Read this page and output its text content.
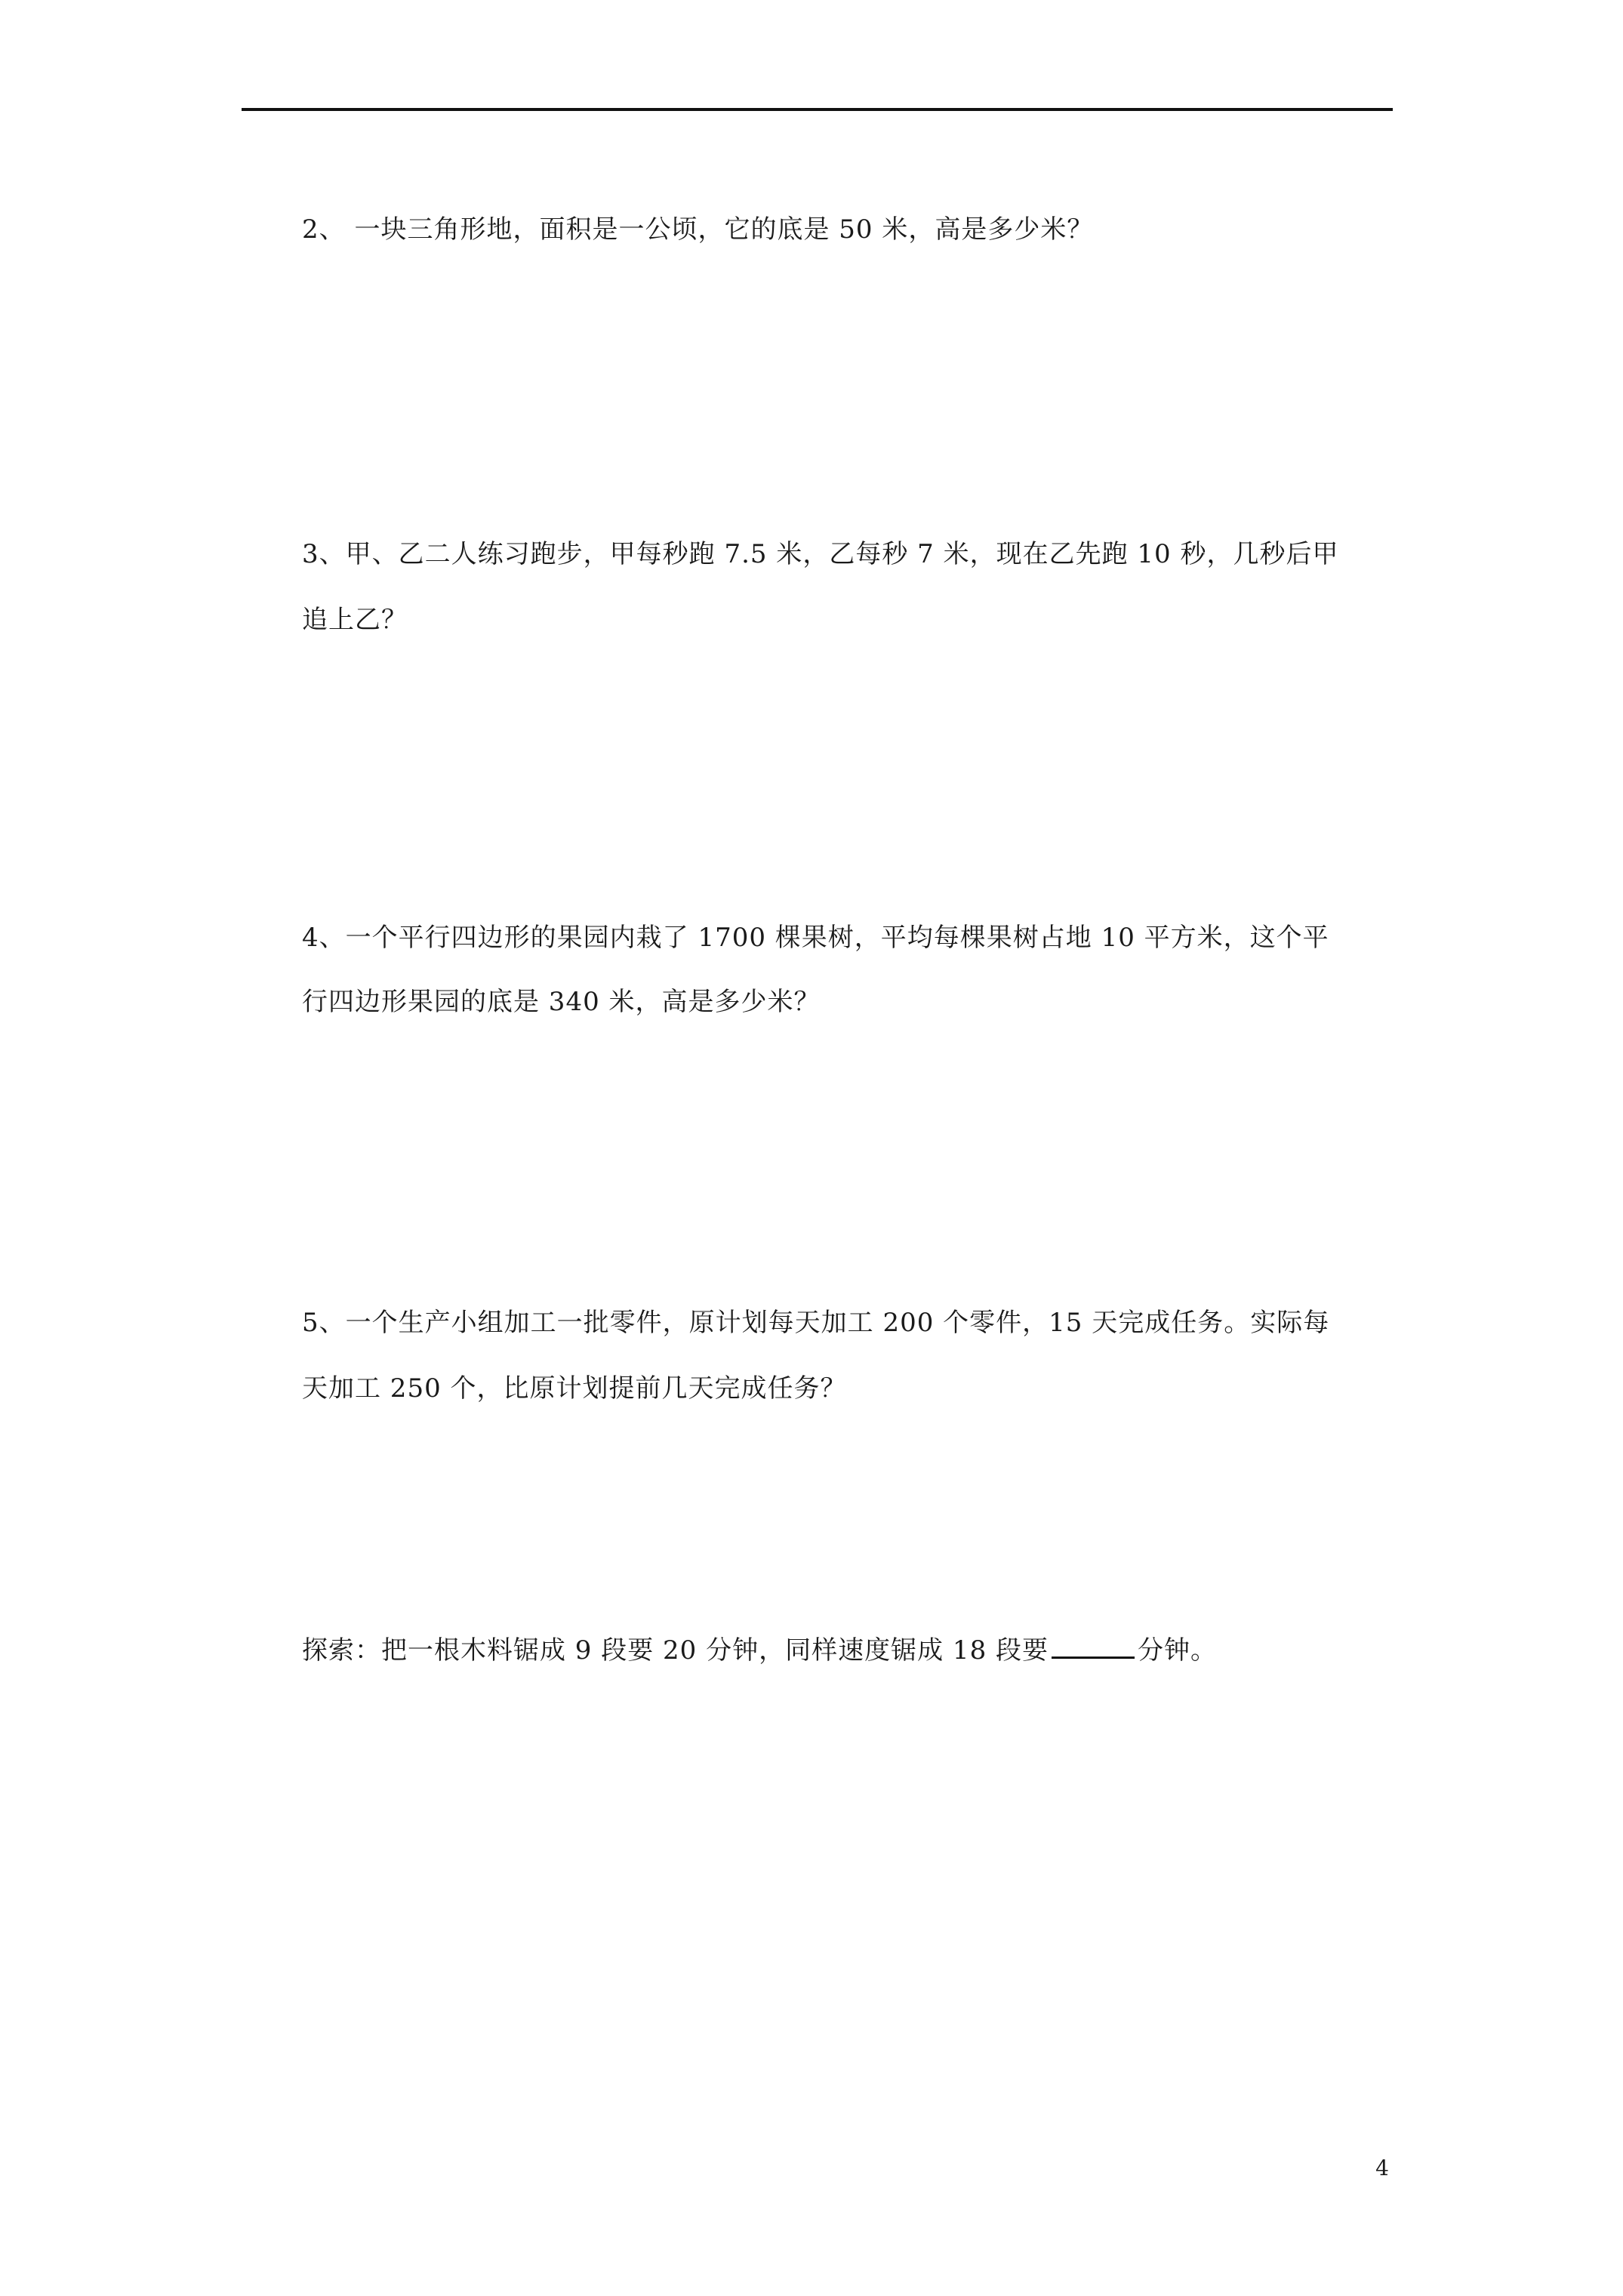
2、 一块三角形地，面积是一公顷，它的底是 50 米，高是多少米？
3、甲、乙二人练习跑步，甲每秒跑 7.5 米，乙每秒 7 米，现在乙先跑 10 秒，几秒后甲
追上乙？
4、一个平行四边形的果园内栽了 1700 棵果树，平均每棵果树占地 10 平方米，这个平
行四边形果园的底是 340 米，高是多少米？
5、一个生产小组加工一批零件，原计划每天加工 200 个零件，15 天完成任务。实际每
天加工 250 个，比原计划提前几天完成任务？
探索：把一根木料锯成 9 段要 20 分钟，同样速度锯成 18 段要	分钟。
4
